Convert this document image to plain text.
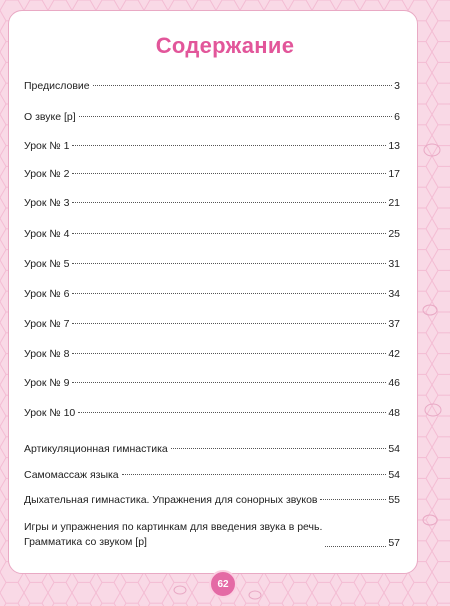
Содержание
Предисловие	3
О звуке [р]	6
Урок № 1	13
Урок № 2	17
Урок № 3	21
Урок № 4	25
Урок № 5	31
Урок № 6	34
Урок № 7	37
Урок № 8	42
Урок № 9	46
Урок № 10	48
Артикуляционная гимнастика	54
Самомассаж языка	54
Дыхательная гимнастика. Упражнения для сонорных звуков	55
Игры и упражнения по картинкам для введения звука в речь.
Грамматика со звуком [р]	57
62
